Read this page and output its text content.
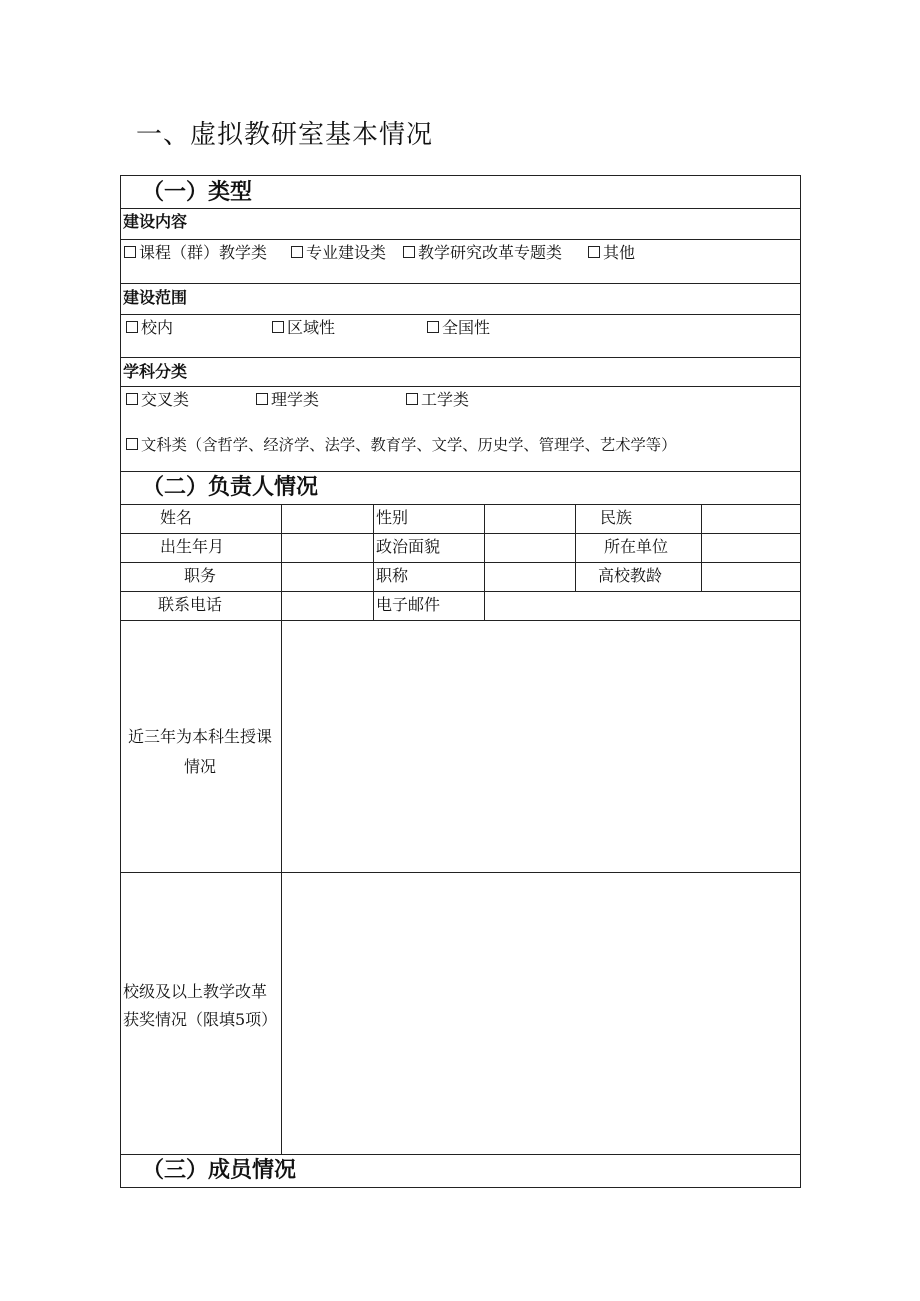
一、虚拟教研室基本情况
（一）类型
建设内容
课程（群）教学类 专业建设类 教学研究改革专题类	其他
建设范围
校内	区域性	全国性
学科分类
交叉类	理学类	工学类
文科类（含哲学、经济学、法学、教育学、文学、历史学、管理学、艺术学等）
（二）负责人情况
姓名	性别	民族
出生年月	政治面貌	所在单位
职务	职称	高校教龄
联系电话	电子邮件
近三年为本科生授课情况
校级及以上教学改革获奖情况（限填5项）
（三）成员情况
